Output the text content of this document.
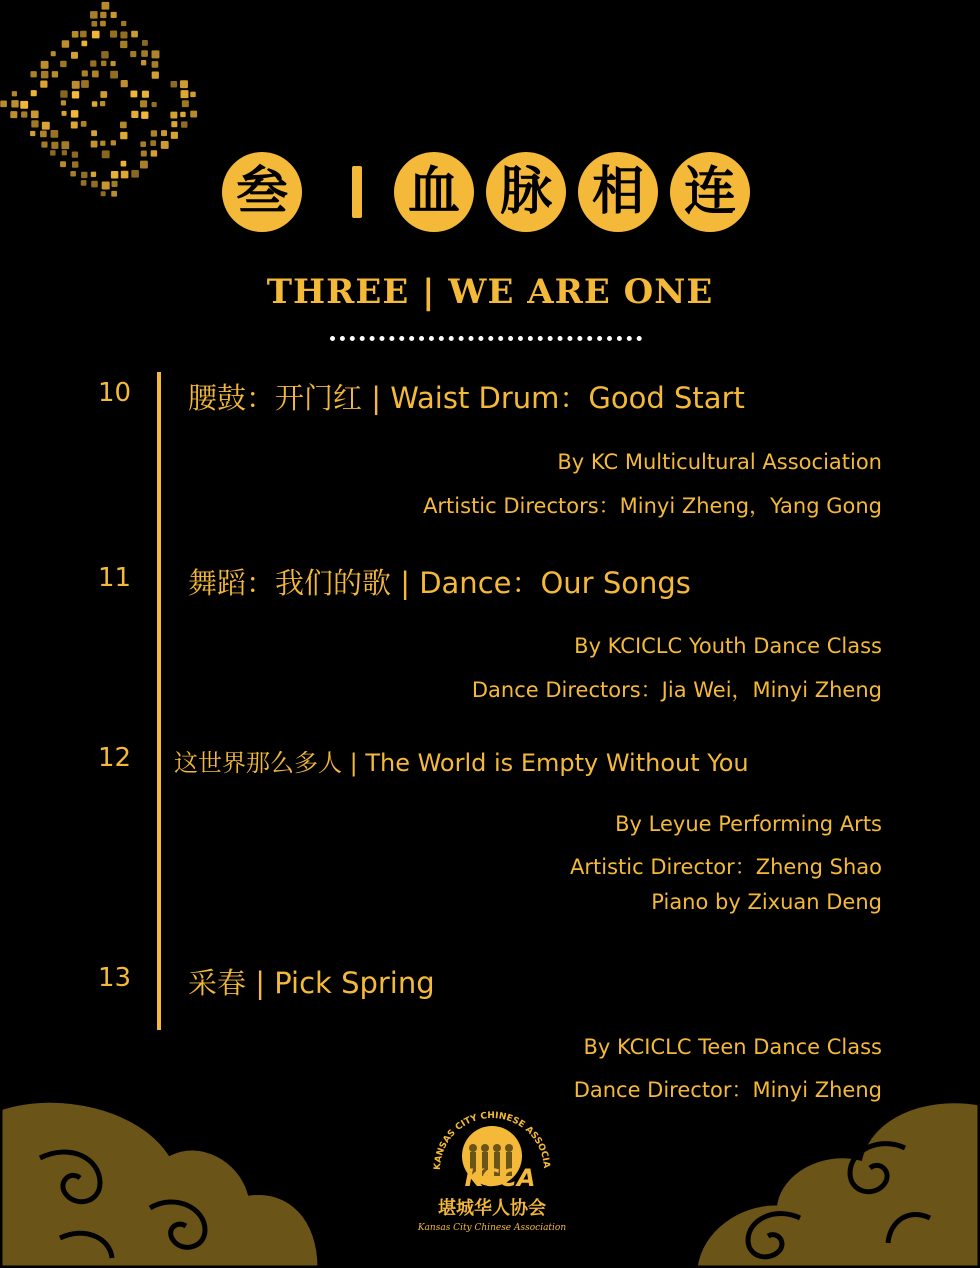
叁 血 脉 相 连
THREE | WE ARE ONE
10 腰鼓：开门红 | Waist Drum：Good Start
By KC Multicultural Association
Artistic Directors：Minyi Zheng，Yang Gong
11 舞蹈：我们的歌 | Dance：Our Songs
By KCICLC Youth Dance Class
Dance Directors：Jia Wei，Minyi Zheng
12 这世界那么多人 | The World is Empty Without You
By Leyue Performing Arts
Artistic Director：Zheng Shao
Piano by Zixuan Deng
13 采春 | Pick Spring
By KCICLC Teen Dance Class
Dance Director：Minyi Zheng
KANSAS CITY CHINESE ASSOCIA
KCCA
堪城华人协会
Kansas City Chinese Association
